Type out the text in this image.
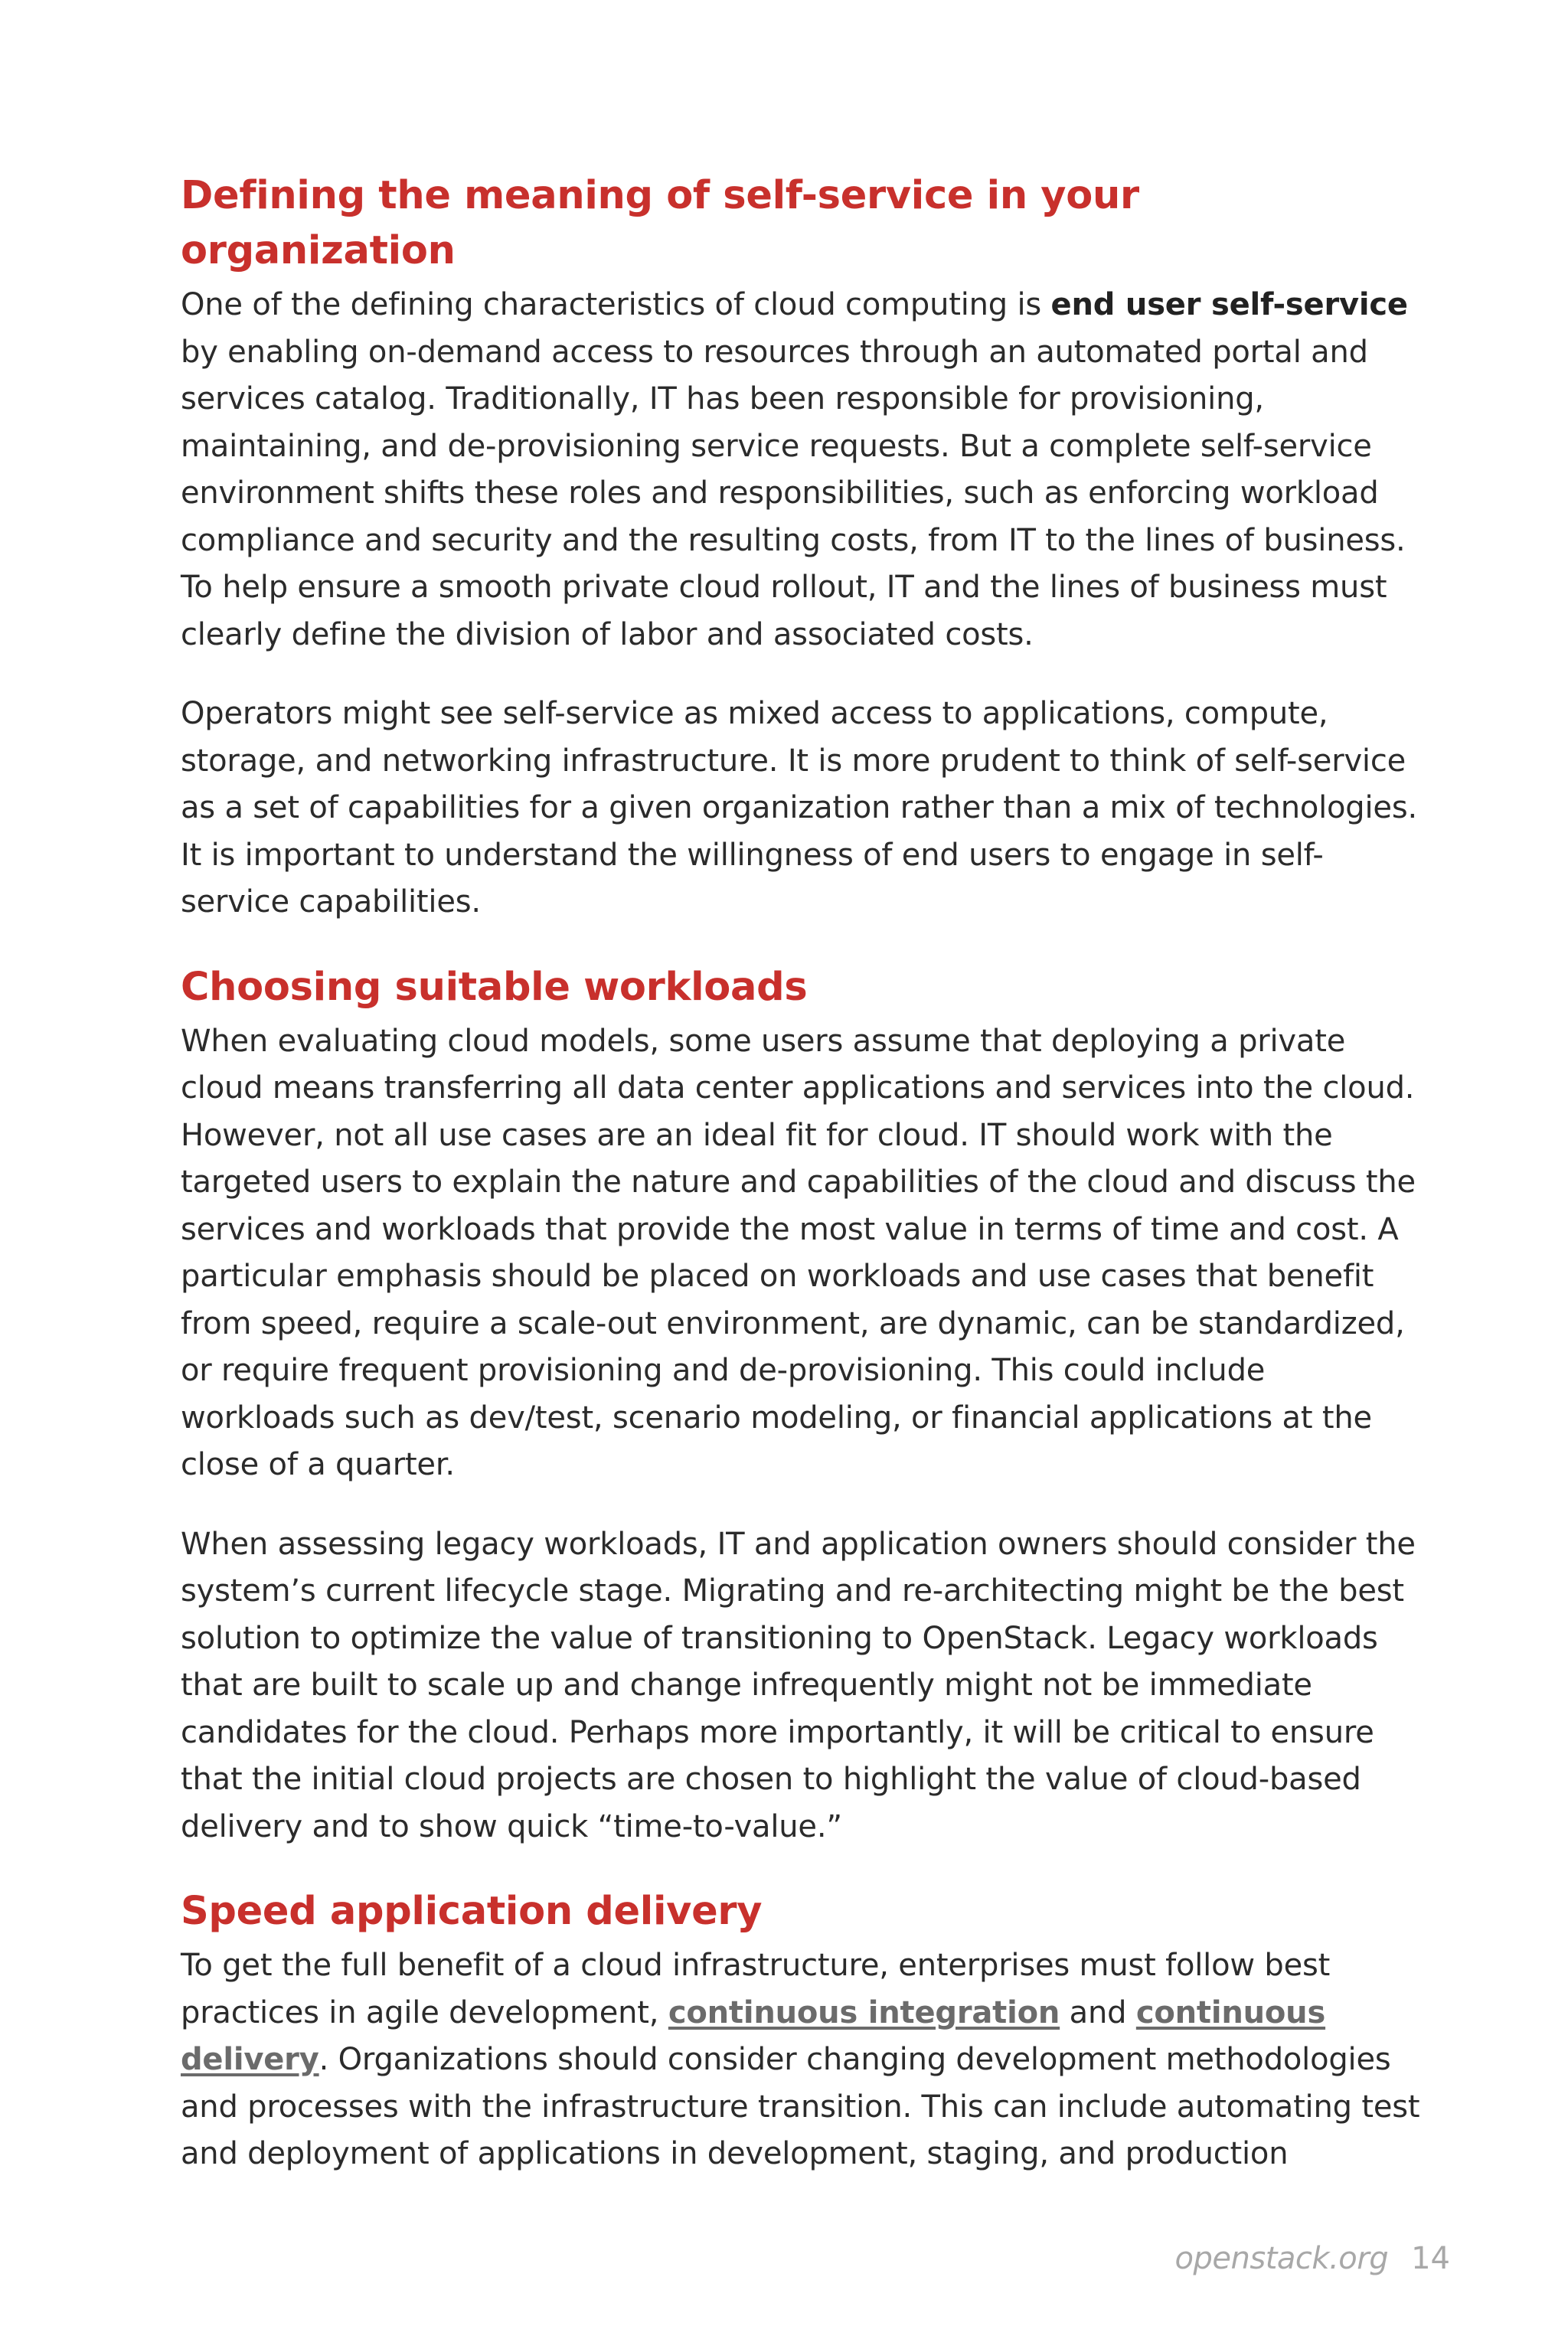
Defining the meaning of self-service in your organization

One of the defining characteristics of cloud computing is end user self-service by enabling on-demand access to resources through an automated portal and services catalog. Traditionally, IT has been responsible for provisioning, maintaining, and de-provisioning service requests. But a complete self-service environment shifts these roles and responsibilities, such as enforcing workload compliance and security and the resulting costs, from IT to the lines of business. To help ensure a smooth private cloud rollout, IT and the lines of business must clearly define the division of labor and associated costs.

Operators might see self-service as mixed access to applications, compute, storage, and networking infrastructure. It is more prudent to think of self-service as a set of capabilities for a given organization rather than a mix of technologies. It is important to understand the willingness of end users to engage in self-service capabilities.

Choosing suitable workloads

When evaluating cloud models, some users assume that deploying a private cloud means transferring all data center applications and services into the cloud. However, not all use cases are an ideal fit for cloud. IT should work with the targeted users to explain the nature and capabilities of the cloud and discuss the services and workloads that provide the most value in terms of time and cost. A particular emphasis should be placed on workloads and use cases that benefit from speed, require a scale-out environment, are dynamic, can be standardized, or require frequent provisioning and de-provisioning. This could include workloads such as dev/test, scenario modeling, or financial applications at the close of a quarter.

When assessing legacy workloads, IT and application owners should consider the system’s current lifecycle stage. Migrating and re-architecting might be the best solution to optimize the value of transitioning to OpenStack. Legacy workloads that are built to scale up and change infrequently might not be immediate candidates for the cloud. Perhaps more importantly, it will be critical to ensure that the initial cloud projects are chosen to highlight the value of cloud-based delivery and to show quick “time-to-value.”

Speed application delivery

To get the full benefit of a cloud infrastructure, enterprises must follow best practices in agile development, continuous integration and continuous delivery. Organizations should consider changing development methodologies and processes with the infrastructure transition. This can include automating test and deployment of applications in development, staging, and production

openstack.org 14
